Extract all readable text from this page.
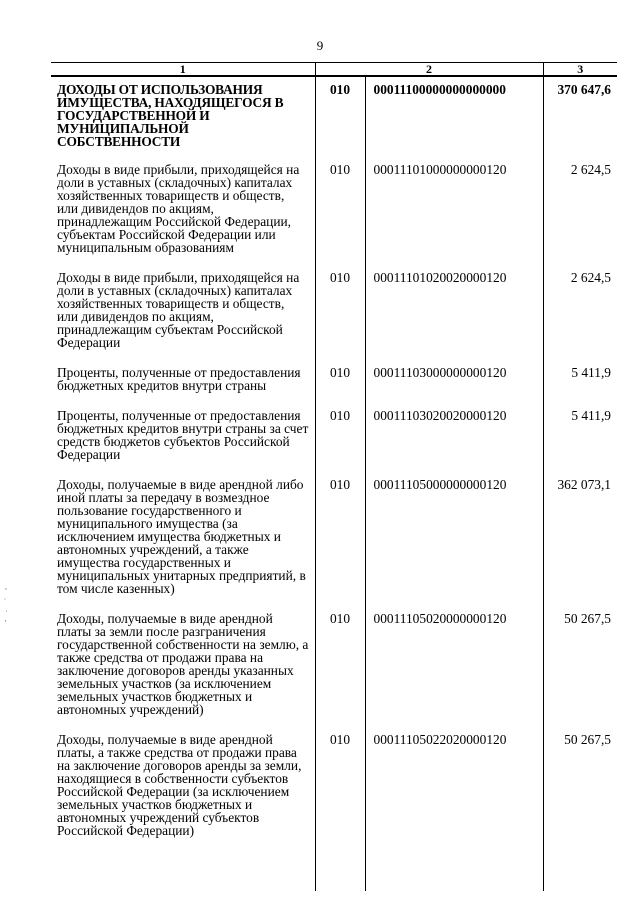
9
1	2		3
ДОХОДЫ ОТ ИСПОЛЬЗОВАНИЯ ИМУЩЕСТВА, НАХОДЯЩЕГОСЯ В ГОСУДАРСТВЕННОЙ И МУНИЦИПАЛЬНОЙ СОБСТВЕННОСТИ	010	00011100000000000000	370 647,6
Доходы в виде прибыли, приходящейся на доли в уставных (складочных) капиталах хозяйственных товариществ и обществ, или дивидендов по акциям, принадлежащим Российской Федерации, субъектам Российской Федерации или муниципальным образованиям	010	00011101000000000120	2 624,5
Доходы в виде прибыли, приходящейся на доли в уставных (складочных) капиталах хозяйственных товариществ и обществ, или дивидендов по акциям, принадлежащим субъектам Российской Федерации	010	00011101020020000120	2 624,5
Проценты, полученные от предоставления бюджетных кредитов внутри страны	010	00011103000000000120	5 411,9
Проценты, полученные от предоставления бюджетных кредитов внутри страны за счет средств бюджетов субъектов Российской Федерации	010	00011103020020000120	5 411,9
Доходы, получаемые в виде арендной либо иной платы за передачу в возмездное пользование государственного и муниципального имущества (за исключением имущества бюджетных и автономных учреждений, а также имущества государственных и муниципальных унитарных предприятий, в том числе казенных)	010	00011105000000000120	362 073,1
Доходы, получаемые в виде арендной платы за земли после разграничения государственной собственности на землю, а также средства от продажи права на заключение договоров аренды указанных земельных участков (за исключением земельных участков бюджетных и автономных учреждений)	010	00011105020000000120	50 267,5
Доходы, получаемые в виде арендной платы, а также средства от продажи права на заключение договоров аренды за земли, находящиеся в собственности субъектов Российской Федерации (за исключением земельных участков бюджетных и автономных учреждений субъектов Российской Федерации)	010	00011105022020000120	50 267,5
